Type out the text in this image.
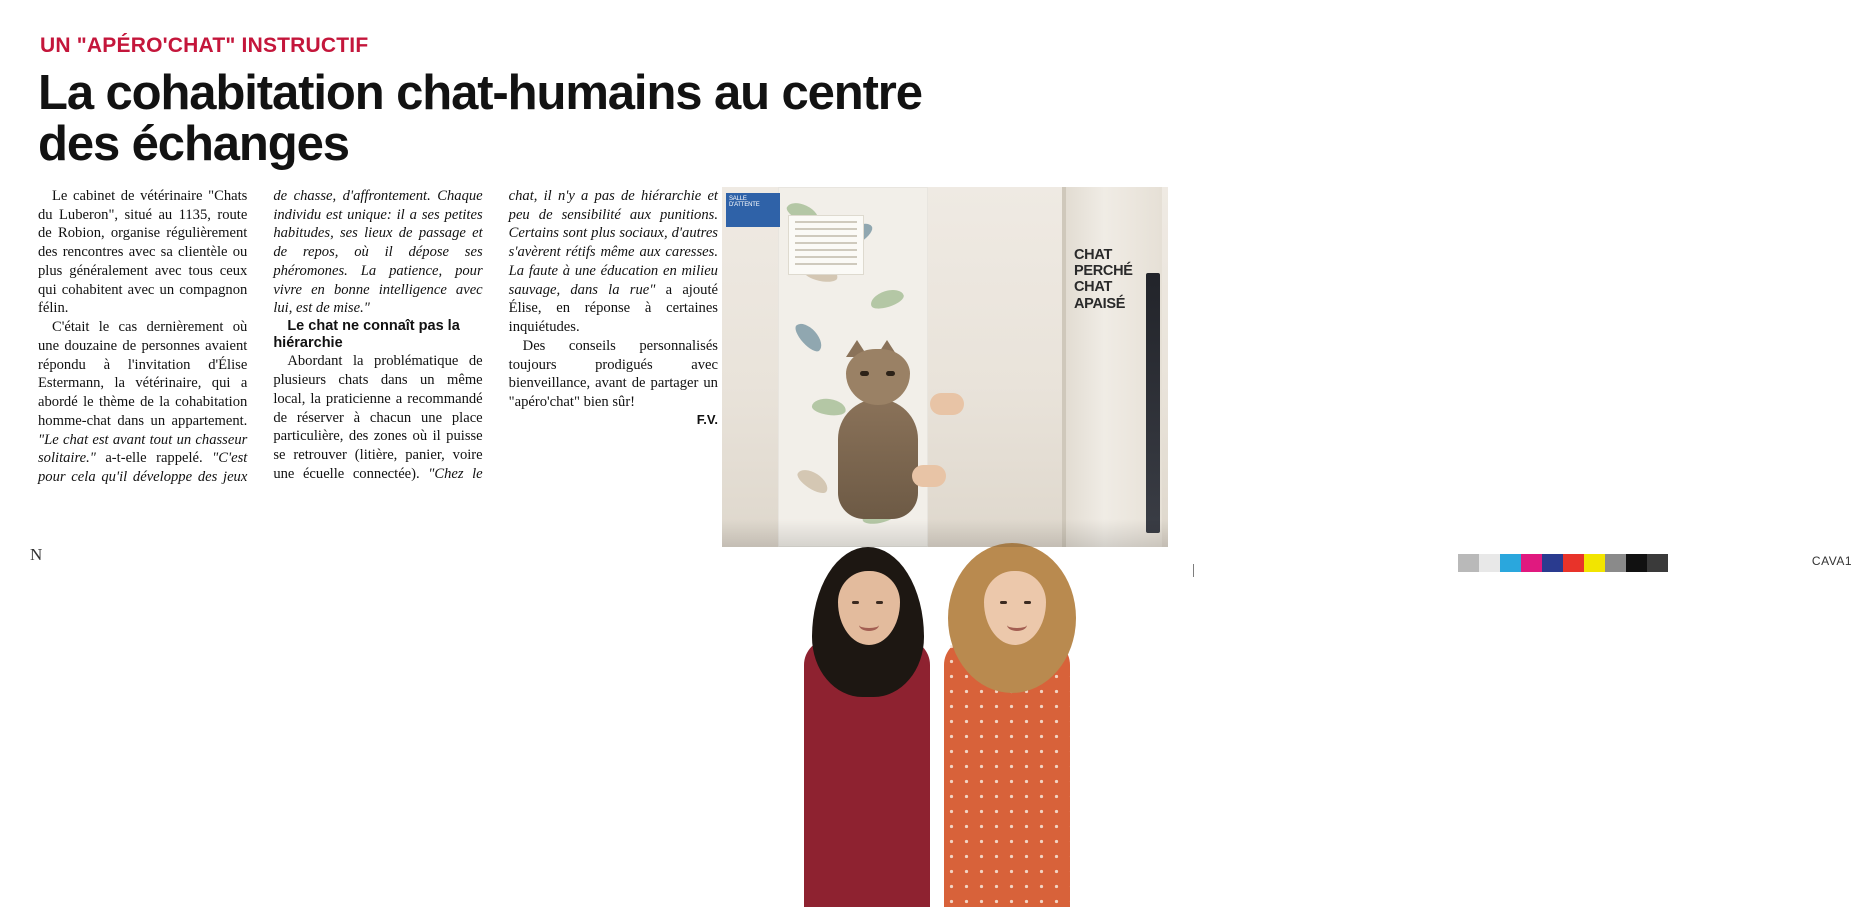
UN "APÉRO'CHAT" INSTRUCTIF
La cohabitation chat-humains au centre
des échanges

Le cabinet de vétérinaire "Chats du Luberon", situé au 1135, route de Robion, organise régulièrement des rencontres avec sa clientèle ou plus généralement avec tous ceux qui cohabitent avec un compagnon félin.

C'était le cas dernièrement où une douzaine de personnes avaient répondu à l'invitation d'Élise Estermann, la vétérinaire, qui a abordé le thème de la cohabitation homme-chat dans un appartement. "Le chat est avant tout un chasseur solitaire." a-t-elle rappelé. "C'est pour cela qu'il développe des jeux de chasse, d'affrontement. Chaque individu est unique: il a ses petites habitudes, ses lieux de passage et de repos, où il dépose ses phéromones. La patience, pour vivre en bonne intelligence avec lui, est de mise."

Le chat ne connaît pas la hiérarchie

Abordant la problématique de plusieurs chats dans un même local, la praticienne a recommandé de réserver à chacun une place particulière, des zones où il puisse se retrouver (litière, panier, voire une écuelle connectée). "Chez le chat, il n'y a pas de hiérarchie et peu de sensibilité aux punitions. Certains sont plus sociaux, d'autres s'avèrent rétifs même aux caresses. La faute à une éducation en milieu sauvage, dans la rue" a ajouté Élise, en réponse à certaines inquiétudes.

Des conseils personnalisés toujours prodigués avec bienveillance, avant de partager un "apéro'chat" bien sûr!

F.V.

SALLE D'ATTENTE
CHAT
PERCHÉ
CHAT
APAISÉ
CAVA1
N
|
